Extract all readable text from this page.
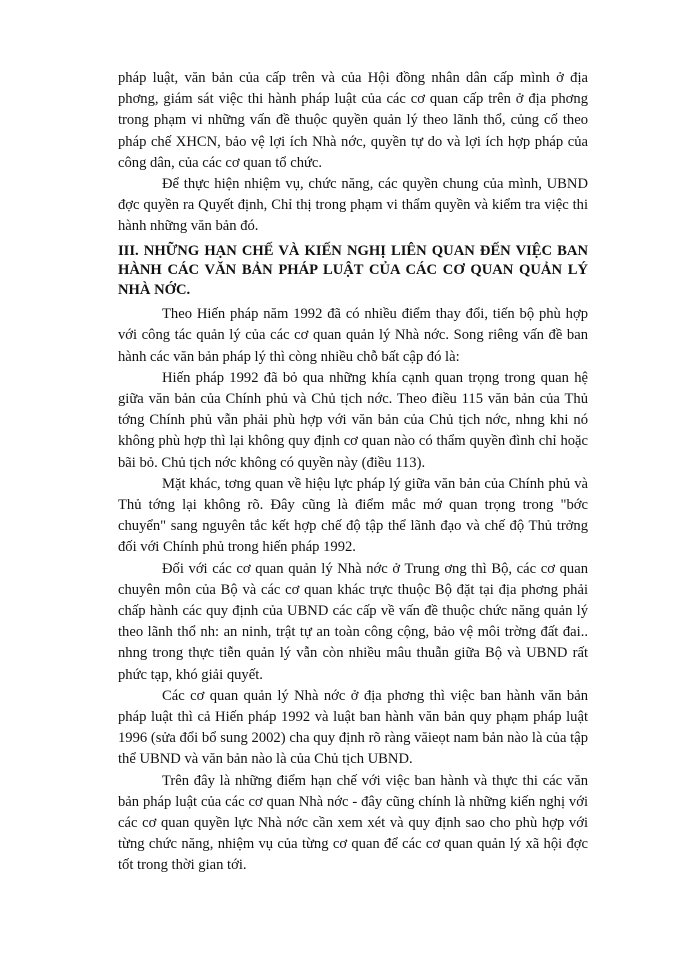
pháp luật, văn bản của cấp trên và của Hội đồng nhân dân cấp mình ở địa phơng, giám sát việc thi hành pháp luật của các cơ quan cấp trên ở địa phơng trong phạm vi những vấn đề thuộc quyền quản lý theo lãnh thổ, củng cố theo pháp chế XHCN, bảo vệ lợi ích Nhà nớc, quyền tự do và lợi ích hợp pháp của công dân, của các cơ quan tổ chức.

Để thực hiện nhiệm vụ, chức năng, các quyền chung của mình, UBND đợc quyền ra Quyết định, Chỉ thị trong phạm vi thẩm quyền và kiểm tra việc thi hành những văn bản đó.

III. NHỮNG HẠN CHẾ VÀ KIẾN NGHỊ LIÊN QUAN ĐẾN VIỆC BAN HÀNH CÁC VĂN BẢN PHÁP LUẬT CỦA CÁC CƠ QUAN QUẢN LÝ NHÀ NỚC.

Theo Hiến pháp năm 1992 đã có nhiều điểm thay đổi, tiến bộ phù hợp với công tác quản lý của các cơ quan quản lý Nhà nớc. Song riêng vấn đề ban hành các văn bản pháp lý thì còng nhiều chỗ bất cập đó là:

Hiến pháp 1992 đã bỏ qua những khía cạnh quan trọng trong quan hệ giữa văn bản của Chính phủ và Chủ tịch nớc. Theo điều 115 văn bản của Thủ tớng Chính phủ vẫn phải phù hợp với văn bản của Chủ tịch nớc, nhng khi nó không phù hợp thì lại không quy định cơ quan nào có thẩm quyền đình chỉ hoặc bãi bỏ. Chủ tịch nớc không có quyền này (điều 113).

Mặt khác, tơng quan về hiệu lực pháp lý giữa văn bản của Chính phủ và Thủ tớng lại không rõ. Đây cũng là điểm mắc mớ quan trọng trong "bớc chuyển" sang nguyên tắc kết hợp chế độ tập thể lãnh đạo và chế độ Thủ trởng đối với Chính phủ trong hiến pháp 1992.

Đối với các cơ quan quản lý Nhà nớc ở Trung ơng thì Bộ, các cơ quan chuyên môn của Bộ và các cơ quan khác trực thuộc Bộ đặt tại địa phơng phải chấp hành các quy định của UBND các cấp về vấn đề thuộc chức năng quản lý theo lãnh thổ nh: an ninh, trật tự an toàn công cộng, bảo vệ môi trờng đất đai.. nhng trong thực tiễn quản lý vẫn còn nhiều mâu thuẫn giữa Bộ và UBND rất phức tạp, khó giải quyết.

Các cơ quan quản lý Nhà nớc ở địa phơng thì việc ban hành văn bản pháp luật thì cả Hiến pháp 1992 và luật ban hành văn bản quy phạm pháp luật 1996 (sửa đổi bổ sung 2002) cha quy định rõ ràng văieọt nam bản nào là của tập thể UBND và văn bản nào là của Chủ tịch UBND.

Trên đây là những điểm hạn chế với việc ban hành và thực thi các văn bản pháp luật của các cơ quan Nhà nớc - đây cũng chính là những kiến nghị với các cơ quan quyền lực Nhà nớc cần xem xét và quy định sao cho phù hợp với từng chức năng, nhiệm vụ của từng cơ quan để các cơ quan quản lý xã hội đợc tốt trong thời gian tới.
